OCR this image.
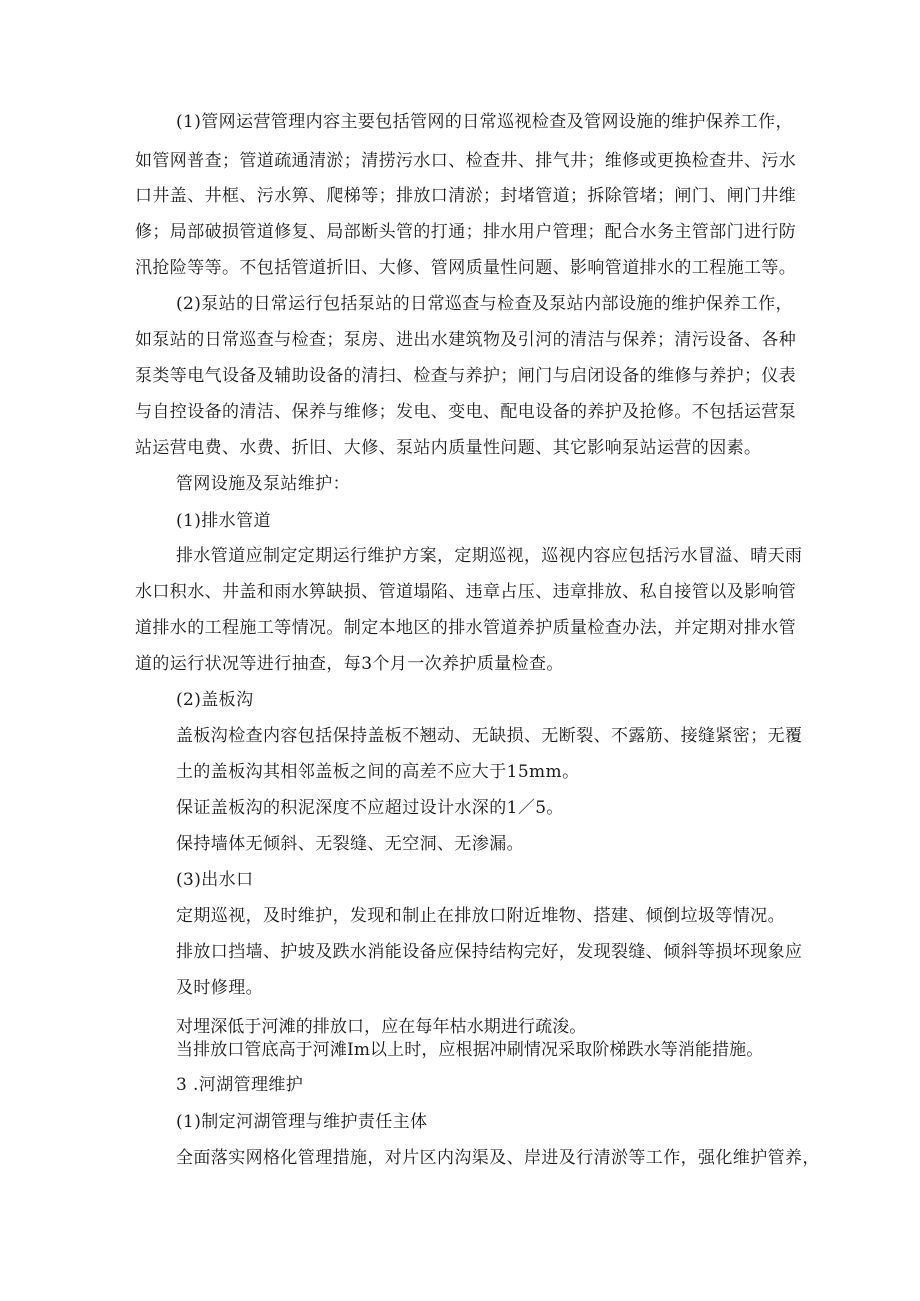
(1)管网运营管理内容主要包括管网的日常巡视检查及管网设施的维护保养工作，
如管网普查；管道疏通清淤；清捞污水口、检查井、排气井；维修或更换检查井、污水
口井盖、井框、污水箅、爬梯等；排放口清淤；封堵管道；拆除管堵；闸门、闸门井维
修；局部破损管道修复、局部断头管的打通；排水用户管理；配合水务主管部门进行防
汛抢险等等。不包括管道折旧、大修、管网质量性问题、影响管道排水的工程施工等。
(2)泵站的日常运行包括泵站的日常巡查与检查及泵站内部设施的维护保养工作，
如泵站的日常巡查与检查；泵房、进出水建筑物及引河的清洁与保养；清污设备、各种
泵类等电气设备及辅助设备的清扫、检查与养护；闸门与启闭设备的维修与养护；仪表
与自控设备的清洁、保养与维修；发电、变电、配电设备的养护及抢修。不包括运营泵
站运营电费、水费、折旧、大修、泵站内质量性问题、其它影响泵站运营的因素。
管网设施及泵站维护：
(1)排水管道
排水管道应制定定期运行维护方案，定期巡视，巡视内容应包括污水冒溢、晴天雨
水口积水、井盖和雨水箅缺损、管道塌陷、违章占压、违章排放、私自接管以及影响管
道排水的工程施工等情况。制定本地区的排水管道养护质量检查办法，并定期对排水管
道的运行状况等进行抽查，每3个月一次养护质量检查。
(2)盖板沟
盖板沟检查内容包括保持盖板不翘动、无缺损、无断裂、不露筋、接缝紧密；无覆
土的盖板沟其相邻盖板之间的高差不应大于15mm。
保证盖板沟的积泥深度不应超过设计水深的1／5。
保持墙体无倾斜、无裂缝、无空洞、无渗漏。
(3)出水口
定期巡视，及时维护，发现和制止在排放口附近堆物、搭建、倾倒垃圾等情况。
排放口挡墙、护坡及跌水消能设备应保持结构完好，发现裂缝、倾斜等损坏现象应
及时修理。
对埋深低于河滩的排放口，应在每年枯水期进行疏浚。
当排放口管底高于河滩Im以上时，应根据冲刷情况采取阶梯跌水等消能措施。
3 .河湖管理维护
(1)制定河湖管理与维护责任主体
全面落实网格化管理措施，对片区内沟渠及、岸进及行清淤等工作，强化维护管养，
